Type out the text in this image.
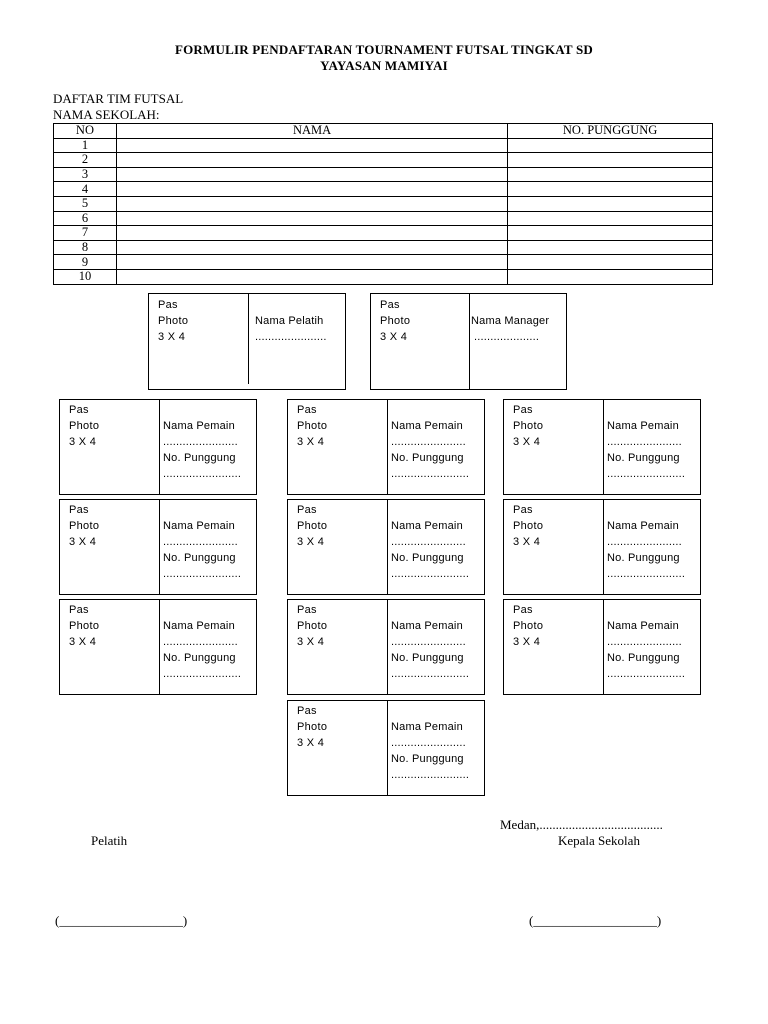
FORMULIR PENDAFTARAN TOURNAMENT FUTSAL TINGKAT SD
YAYASAN MAMIYAI
DAFTAR TIM FUTSAL
NAMA SEKOLAH:
NO	NAMA	NO. PUNGGUNG
1		
2		
3		
4		
5		
6		
7		
8		
9		
10		
Pas
Photo
3 X 4
Nama Pelatih
......................
Pas
Photo
3 X 4
Nama Manager
....................
Pas
Photo
3 X 4
Nama Pemain
.......................
No. Punggung
........................
Pas
Photo
3 X 4
Nama Pemain
.......................
No. Punggung
........................
Pas
Photo
3 X 4
Nama Pemain
.......................
No. Punggung
........................
Pas
Photo
3 X 4
Nama Pemain
.......................
No. Punggung
........................
Pas
Photo
3 X 4
Nama Pemain
.......................
No. Punggung
........................
Pas
Photo
3 X 4
Nama Pemain
.......................
No. Punggung
........................
Pas
Photo
3 X 4
Nama Pemain
.......................
No. Punggung
........................
Pas
Photo
3 X 4
Nama Pemain
.......................
No. Punggung
........................
Pas
Photo
3 X 4
Nama Pemain
.......................
No. Punggung
........................
Pas
Photo
3 X 4
Nama Pemain
.......................
No. Punggung
........................
Medan,......................................
Pelatih	Kepala Sekolah
(___________________)	(___________________)
